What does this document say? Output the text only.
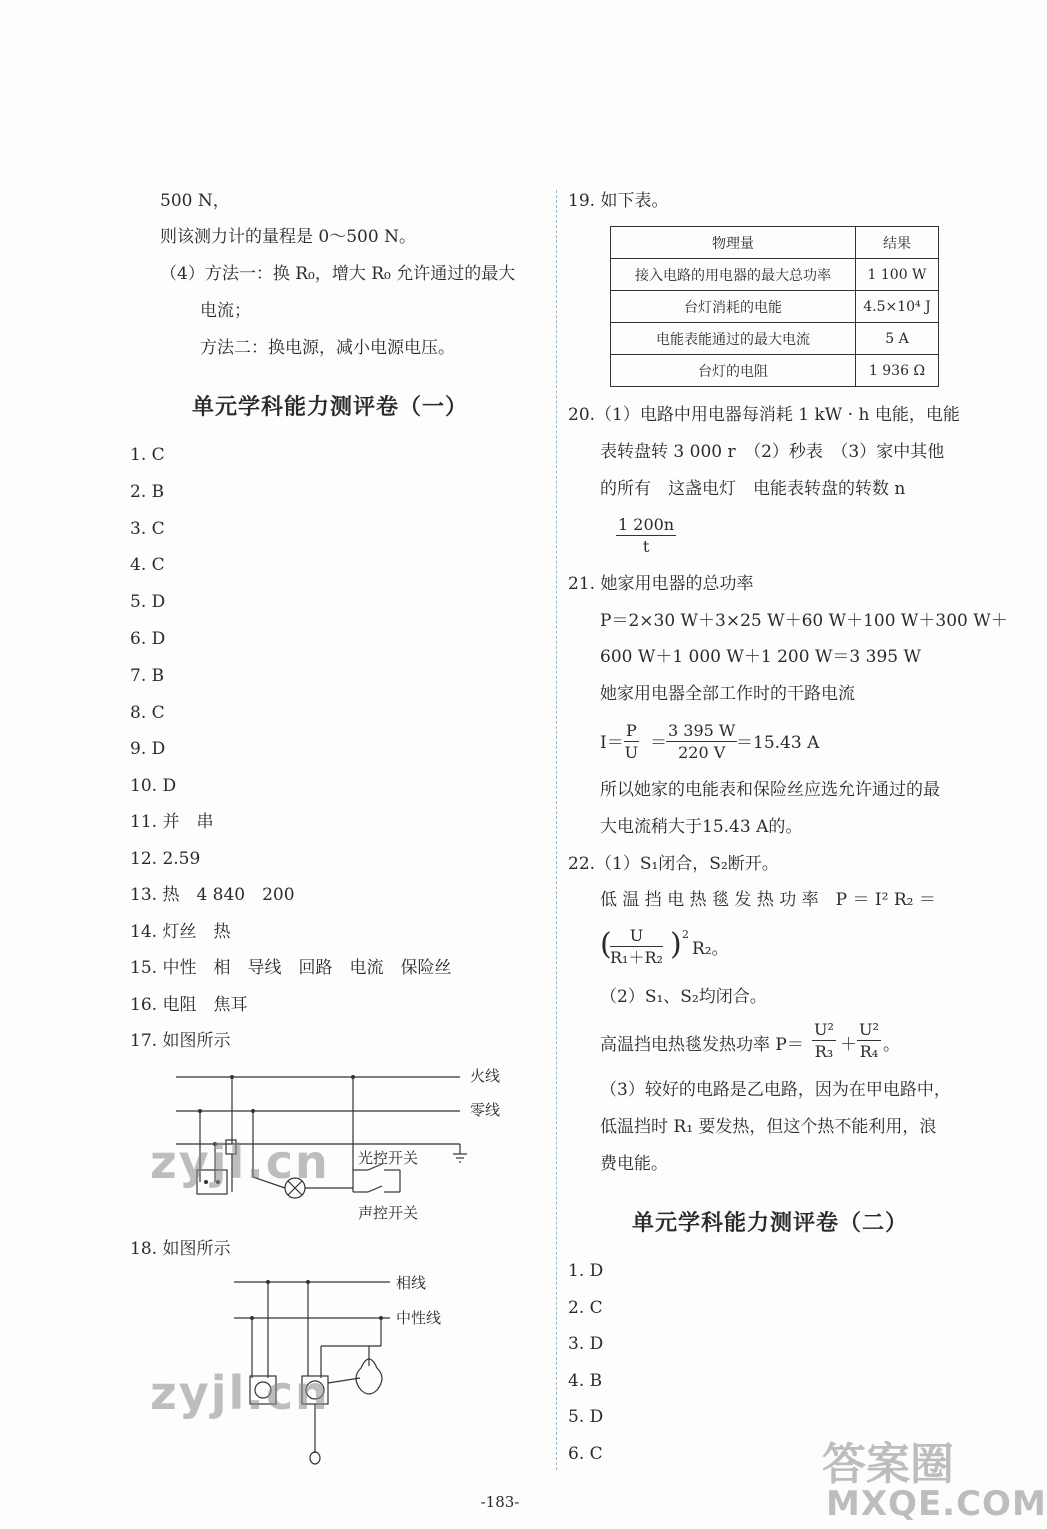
500 N，
则该测力计的量程是 0～500 N。
（4）方法一：换 R₀，增大 R₀ 允许通过的最大
电流；
方法二：换电源，减小电源电压。
单元学科能力测评卷（一）
1. C
2. B
3. C
4. C
5. D
6. D
7. B
8. C
9. D
10. D
11. 并　串
12. 2.59
13. 热　4 840　200
14. 灯丝　热
15. 中性　相　导线　回路　电流　保险丝
16. 电阻　焦耳
17. 如图所示
火线
零线
光控开关
声控开关
zyjl.cn
18. 如图所示
相线
中性线
zyjl.cn
19. 如下表。
物理量	结果
接入电路的用电器的最大总功率	1 100 W
台灯消耗的电能	4.5×10⁴ J
电能表能通过的最大电流	5 A
台灯的电阻	1 936 Ω
20.（1）电路中用电器每消耗 1 kW · h 电能，电能
表转盘转 3 000 r　（2）秒表　（3）家中其他
的所有　这盏电灯　电能表转盘的转数 n
$\frac{1 200n}{t}$
21. 她家用电器的总功率
P＝2×30 W＋3×25 W＋60 W＋100 W＋300 W＋
600 W＋1 000 W＋1 200 W＝3 395 W
她家用电器全部工作时的干路电流
$I= \frac{P}{U} = \frac{3 395 W}{220 V}$
＝15.43 A
所以她家的电能表和保险丝应选允许通过的最
大电流稍大于15.43 A的。
22.（1）S₁闭合，S₂断开。
低 温 挡 电 热 毯 发 热 功 率　P ＝ I² R₂ ＝
(
$\frac{U}{\text{R₁＋R₂}}$ ) 2
R₂。
（2）S₁、S₂均闭合。
高温挡电热毯发热功率 $P= \frac{\text{U²}}{\text{R₃}} + \frac{\text{U²}}{\text{R₄}}$ 。
（3）较好的电路是乙电路，因为在甲电路中，
低温挡时 R₁ 要发热，但这个热不能利用，浪
费电能。
单元学科能力测评卷（二）
1. D
2. C
3. D
4. B
5. D
6. C	答案圈
MXQE.COM
-183-
